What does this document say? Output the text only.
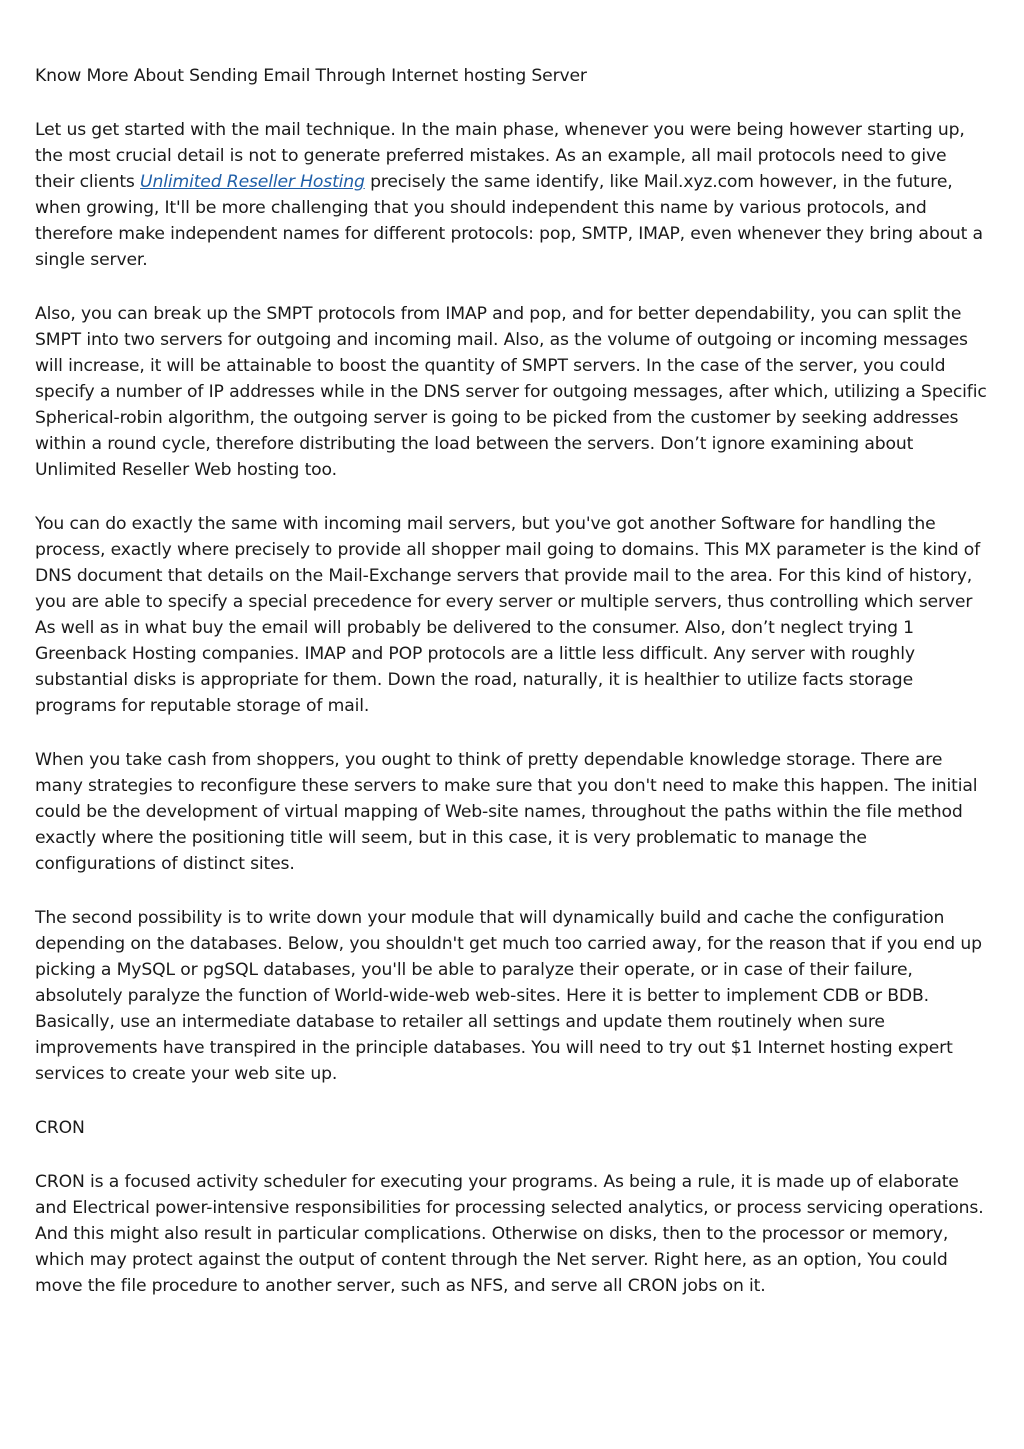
Know More About Sending Email Through Internet hosting Server

Let us get started with the mail technique. In the main phase, whenever you were being however starting up, the most crucial detail is not to generate preferred mistakes. As an example, all mail protocols need to give their clients Unlimited Reseller Hosting precisely the same identify, like Mail.xyz.com however, in the future, when growing, It'll be more challenging that you should independent this name by various protocols, and therefore make independent names for different protocols: pop, SMTP, IMAP, even whenever they bring about a single server.

Also, you can break up the SMPT protocols from IMAP and pop, and for better dependability, you can split the SMPT into two servers for outgoing and incoming mail. Also, as the volume of outgoing or incoming messages will increase, it will be attainable to boost the quantity of SMPT servers. In the case of the server, you could specify a number of IP addresses while in the DNS server for outgoing messages, after which, utilizing a Specific Spherical-robin algorithm, the outgoing server is going to be picked from the customer by seeking addresses within a round cycle, therefore distributing the load between the servers. Don’t ignore examining about Unlimited Reseller Web hosting too.

You can do exactly the same with incoming mail servers, but you've got another Software for handling the process, exactly where precisely to provide all shopper mail going to domains. This MX parameter is the kind of DNS document that details on the Mail-Exchange servers that provide mail to the area. For this kind of history, you are able to specify a special precedence for every server or multiple servers, thus controlling which server As well as in what buy the email will probably be delivered to the consumer. Also, don’t neglect trying 1 Greenback Hosting companies. IMAP and POP protocols are a little less difficult. Any server with roughly substantial disks is appropriate for them. Down the road, naturally, it is healthier to utilize facts storage programs for reputable storage of mail.

When you take cash from shoppers, you ought to think of pretty dependable knowledge storage. There are many strategies to reconfigure these servers to make sure that you don't need to make this happen. The initial could be the development of virtual mapping of Web-site names, throughout the paths within the file method exactly where the positioning title will seem, but in this case, it is very problematic to manage the configurations of distinct sites.

The second possibility is to write down your module that will dynamically build and cache the configuration depending on the databases. Below, you shouldn't get much too carried away, for the reason that if you end up picking a MySQL or pgSQL databases, you'll be able to paralyze their operate, or in case of their failure, absolutely paralyze the function of World-wide-web web-sites. Here it is better to implement CDB or BDB. Basically, use an intermediate database to retailer all settings and update them routinely when sure improvements have transpired in the principle databases. You will need to try out $1 Internet hosting expert services to create your web site up.

CRON

CRON is a focused activity scheduler for executing your programs. As being a rule, it is made up of elaborate and Electrical power-intensive responsibilities for processing selected analytics, or process servicing operations. And this might also result in particular complications. Otherwise on disks, then to the processor or memory, which may protect against the output of content through the Net server. Right here, as an option, You could move the file procedure to another server, such as NFS, and serve all CRON jobs on it.
